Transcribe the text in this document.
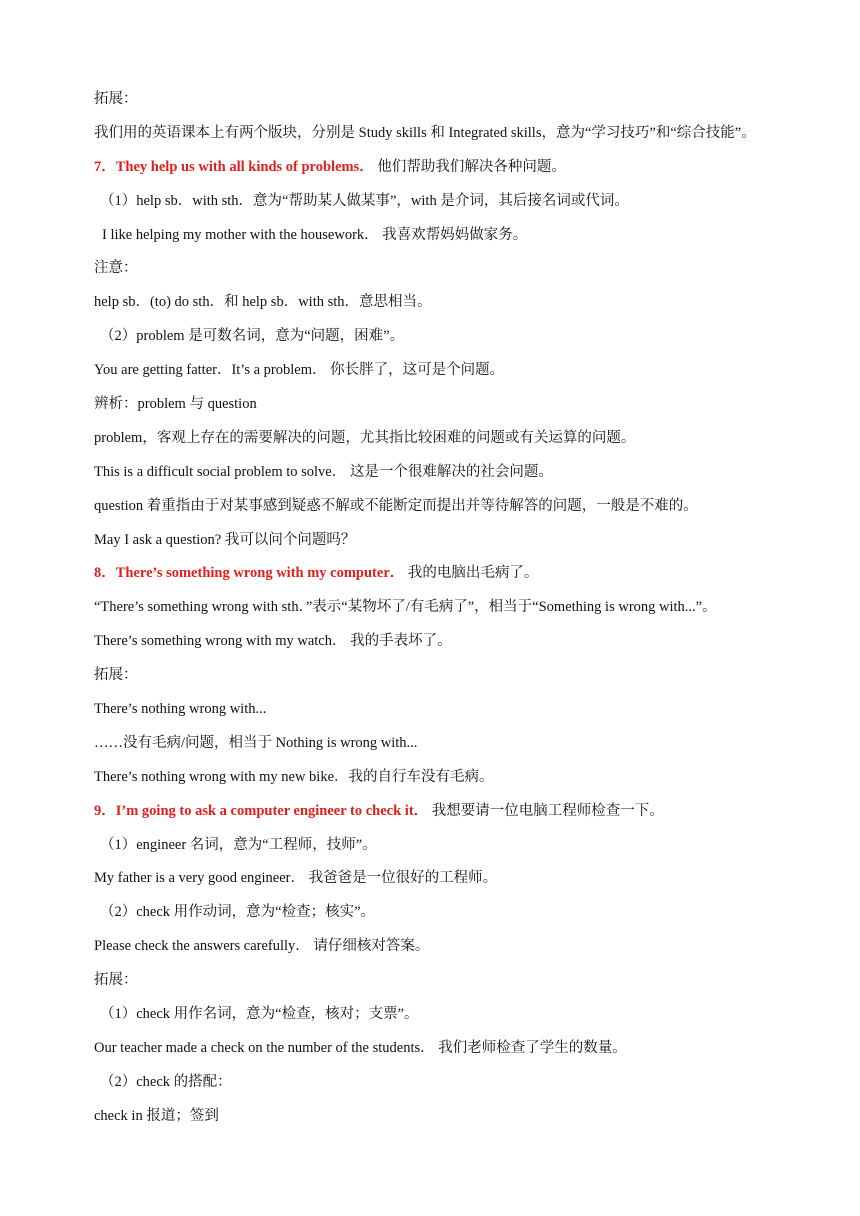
拓展：
我们用的英语课本上有两个版块，分别是 Study skills 和 Integrated skills，意为“学习技巧”和“综合技能”。
7．They help us with all kinds of problems． 他们帮助我们解决各种问题。
（1）help sb．with sth．意为“帮助某人做某事”，with 是介词，其后接名词或代词。
I like helping my mother with the housework． 我喜欢帮妈妈做家务。
注意：
help sb．(to) do sth．和 help sb．with sth．意思相当。
（2）problem 是可数名词，意为“问题，困难”。
You are getting fatter．It’s a problem． 你长胖了，这可是个问题。
辨析：problem 与 question
problem，客观上存在的需要解决的问题，尤其指比较困难的问题或有关运算的问题。
This is a difficult social problem to solve． 这是一个很难解决的社会问题。
question 着重指由于对某事感到疑惑不解或不能断定而提出并等待解答的问题，一般是不难的。
May I ask a question? 我可以问个问题吗？
8．There’s something wrong with my computer． 我的电脑出毛病了。
“There’s something wrong with sth．”表示“某物坏了/有毛病了”，相当于“Something is wrong with...”。
There’s something wrong with my watch． 我的手表坏了。
拓展：
There’s nothing wrong with...
……没有毛病/问题，相当于 Nothing is wrong with...
There’s nothing wrong with my new bike．我的自行车没有毛病。
9．I’m going to ask a computer engineer to check it． 我想要请一位电脑工程师检查一下。
（1）engineer 名词，意为“工程师，技师”。
My father is a very good engineer． 我爸爸是一位很好的工程师。
（2）check 用作动词，意为“检查；核实”。
Please check the answers carefully． 请仔细核对答案。
拓展：
（1）check 用作名词，意为“检查，核对；支票”。
Our teacher made a check on the number of the students． 我们老师检查了学生的数量。
（2）check 的搭配：
check in 报道；签到
